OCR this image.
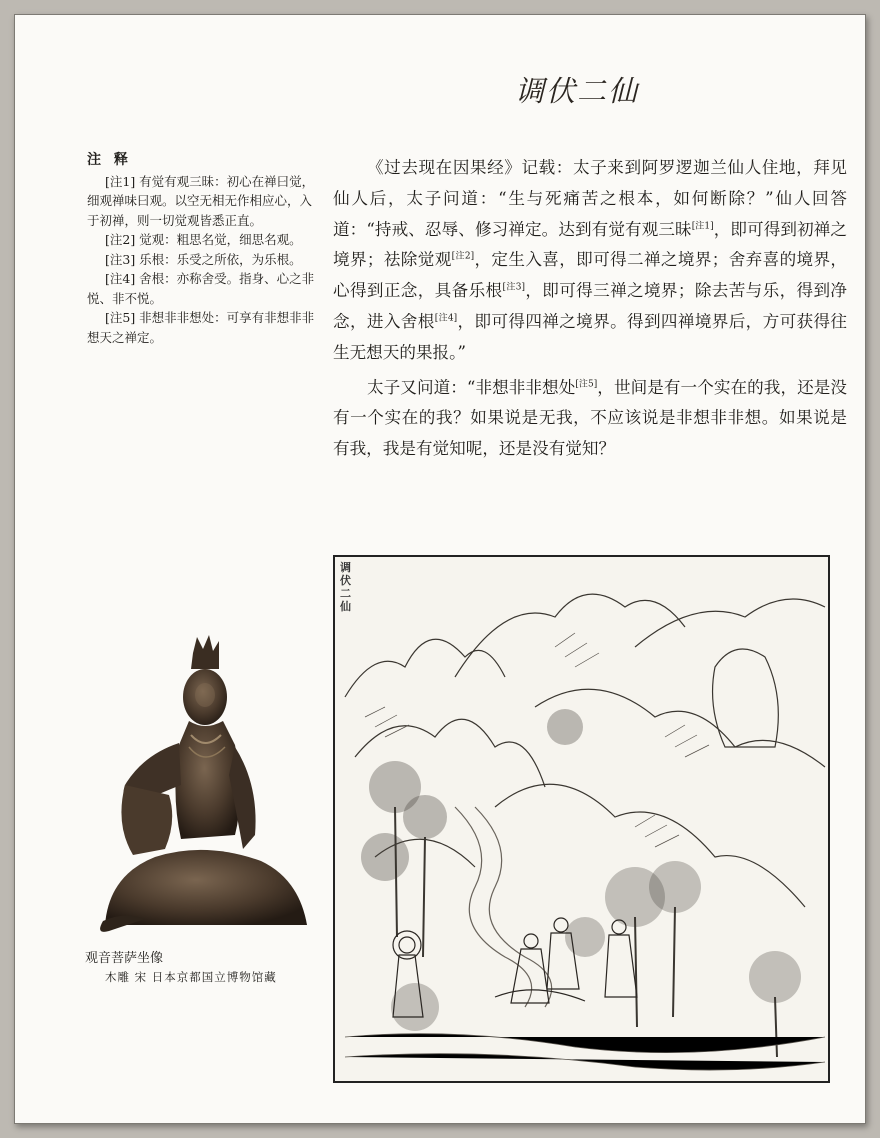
调伏二仙
注 释

[注1] 有觉有观三昧：初心在禅曰觉，细观禅味曰观。以空无相无作相应心，入于初禅，则一切觉观皆悉正直。

[注2] 觉观：粗思名觉，细思名观。

[注3] 乐根：乐受之所依，为乐根。

[注4] 舍根：亦称舍受。指身、心之非悦、非不悦。

[注5] 非想非非想处：可享有非想非非想天之禅定。

《过去现在因果经》记载：太子来到阿罗逻迦兰仙人住地，拜见仙人后，太子问道：“生与死痛苦之根本，如何断除？”仙人回答道：“持戒、忍辱、修习禅定。达到有觉有观三昧[注1]，即可得到初禅之境界；祛除觉观[注2]，定生入喜，即可得二禅之境界；舍弃喜的境界，心得到正念，具备乐根[注3]，即可得三禅之境界；除去苦与乐，得到净念，进入舍根[注4]，即可得四禅之境界。得到四禅境界后，方可获得往生无想天的果报。”

太子又问道：“非想非非想处[注5]，世间是有一个实在的我，还是没有一个实在的我？如果说是无我，不应该说是非想非非想。如果说是有我，我是有觉知呢，还是没有觉知？

观音菩萨坐像
木雕 宋 日本京都国立博物馆藏
调伏二仙
